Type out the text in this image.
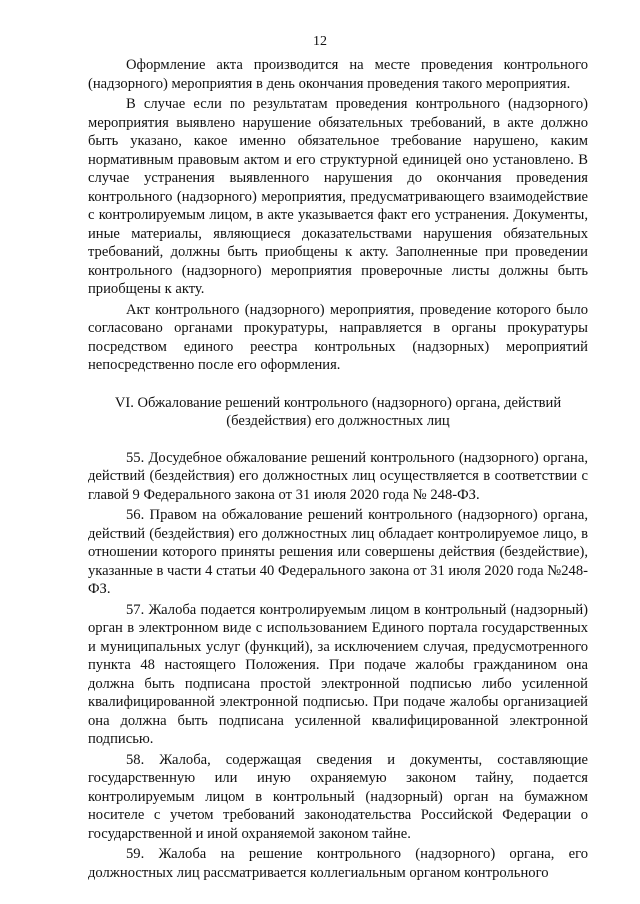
12

Оформление акта производится на месте проведения контрольного (надзорного) мероприятия в день окончания проведения такого мероприятия.

В случае если по результатам проведения контрольного (надзорного) мероприятия выявлено нарушение обязательных требований, в акте должно быть указано, какое именно обязательное требование нарушено, каким нормативным правовым актом и его структурной единицей оно установлено. В случае устранения выявленного нарушения до окончания проведения контрольного (надзорного) мероприятия, предусматривающего взаимодействие с контролируемым лицом, в акте указывается факт его устранения. Документы, иные материалы, являющиеся доказательствами нарушения обязательных требований, должны быть приобщены к акту. Заполненные при проведении контрольного (надзорного) мероприятия проверочные листы должны быть приобщены к акту.

Акт контрольного (надзорного) мероприятия, проведение которого было согласовано органами прокуратуры, направляется в органы прокуратуры посредством единого реестра контрольных (надзорных) мероприятий непосредственно после его оформления.

VI. Обжалование решений контрольного (надзорного) органа, действий
(бездействия) его должностных лиц

55. Досудебное обжалование решений контрольного (надзорного) органа, действий (бездействия) его должностных лиц осуществляется в соответствии с главой 9 Федерального закона от 31 июля 2020 года № 248-ФЗ.

56. Правом на обжалование решений контрольного (надзорного) органа, действий (бездействия) его должностных лиц обладает контролируемое лицо, в отношении которого приняты решения или совершены действия (бездействие), указанные в части 4 статьи 40 Федерального закона от 31 июля 2020 года №248-ФЗ.

57. Жалоба подается контролируемым лицом в контрольный (надзорный) орган в электронном виде с использованием Единого портала государственных и муниципальных услуг (функций), за исключением случая, предусмотренного пункта 48 настоящего Положения. При подаче жалобы гражданином она должна быть подписана простой электронной подписью либо усиленной квалифицированной электронной подписью. При подаче жалобы организацией она должна быть подписана усиленной квалифицированной электронной подписью.

58. Жалоба, содержащая сведения и документы, составляющие государственную или иную охраняемую законом тайну, подается контролируемым лицом в контрольный (надзорный) орган на бумажном носителе с учетом требований законодательства Российской Федерации о государственной и иной охраняемой законом тайне.

59. Жалоба на решение контрольного (надзорного) органа, его должностных лиц рассматривается коллегиальным органом контрольного
